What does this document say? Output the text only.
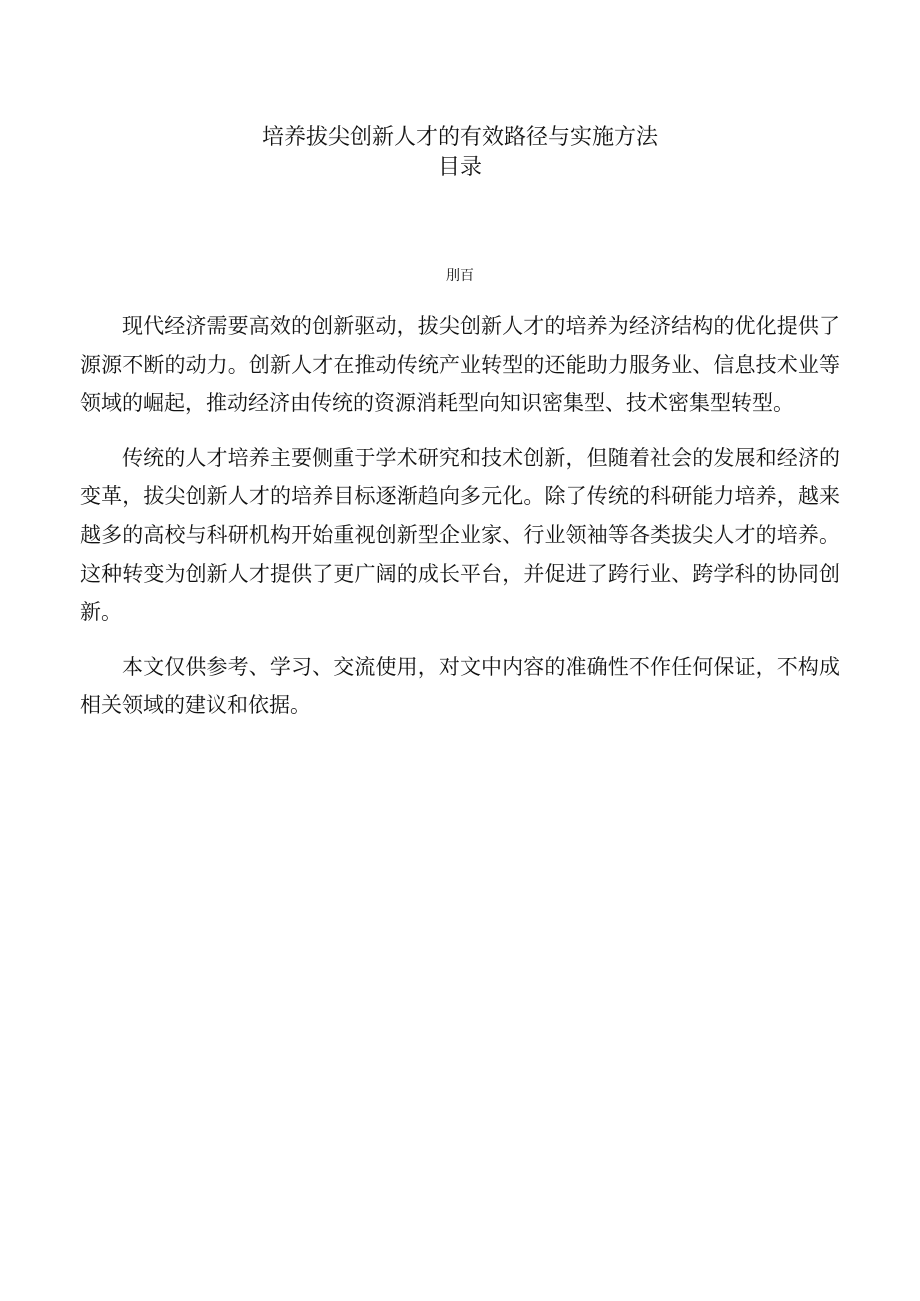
培养拔尖创新人才的有效路径与实施方法
目录
刖百

现代经济需要高效的创新驱动，拔尖创新人才的培养为经济结构的优化提供了源源不断的动力。创新人才在推动传统产业转型的还能助力服务业、信息技术业等领域的崛起，推动经济由传统的资源消耗型向知识密集型、技术密集型转型。

传统的人才培养主要侧重于学术研究和技术创新，但随着社会的发展和经济的变革，拔尖创新人才的培养目标逐渐趋向多元化。除了传统的科研能力培养，越来越多的高校与科研机构开始重视创新型企业家、行业领袖等各类拔尖人才的培养。这种转变为创新人才提供了更广阔的成长平台，并促进了跨行业、跨学科的协同创新。

本文仅供参考、学习、交流使用，对文中内容的准确性不作任何保证，不构成相关领域的建议和依据。
